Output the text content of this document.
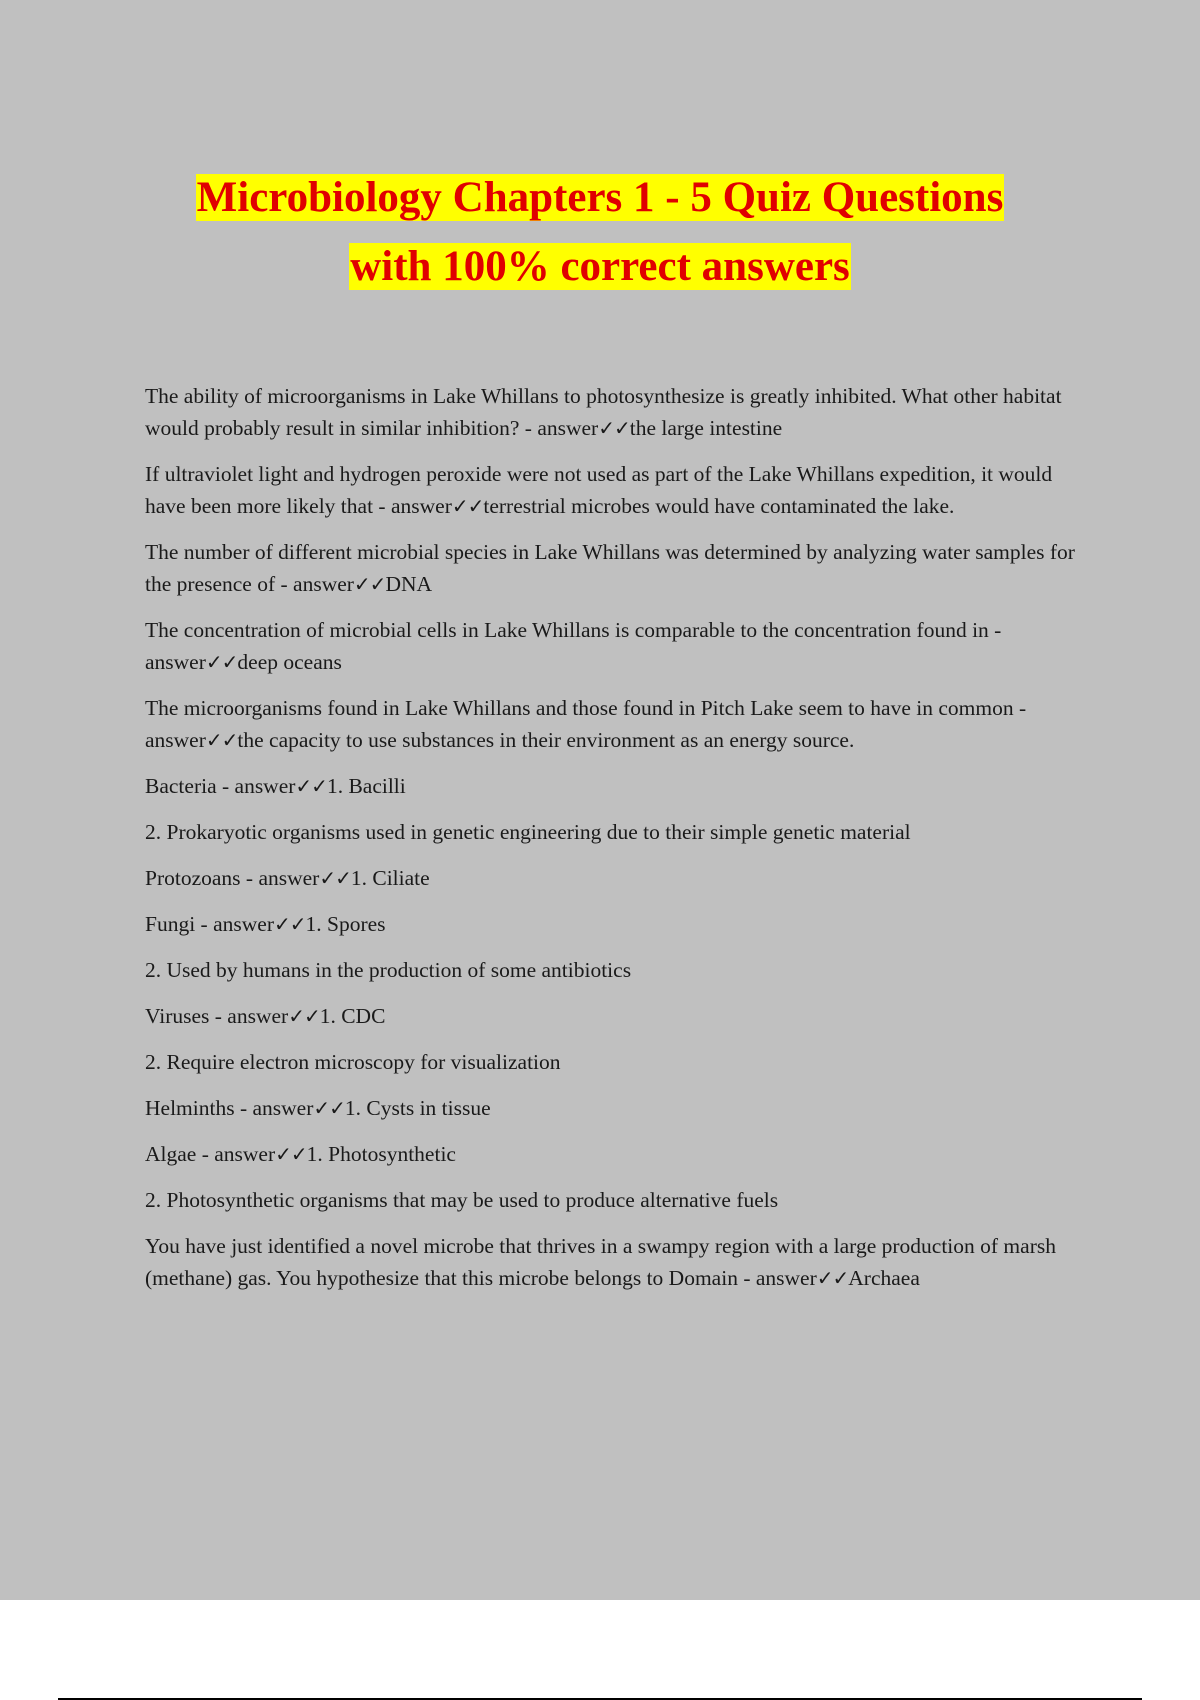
Microbiology Chapters 1 - 5 Quiz Questions
with 100% correct answers

The ability of microorganisms in Lake Whillans to photosynthesize is greatly inhibited. What other habitat would probably result in similar inhibition? - answer✓✓the large intestine

If ultraviolet light and hydrogen peroxide were not used as part of the Lake Whillans expedition, it would have been more likely that - answer✓✓terrestrial microbes would have contaminated the lake.

The number of different microbial species in Lake Whillans was determined by analyzing water samples for the presence of - answer✓✓DNA

The concentration of microbial cells in Lake Whillans is comparable to the concentration found in - answer✓✓deep oceans

The microorganisms found in Lake Whillans and those found in Pitch Lake seem to have in common - answer✓✓the capacity to use substances in their environment as an energy source.

Bacteria - answer✓✓1. Bacilli

2. Prokaryotic organisms used in genetic engineering due to their simple genetic material

Protozoans - answer✓✓1. Ciliate

Fungi - answer✓✓1. Spores

2. Used by humans in the production of some antibiotics

Viruses - answer✓✓1. CDC

2. Require electron microscopy for visualization

Helminths - answer✓✓1. Cysts in tissue

Algae - answer✓✓1. Photosynthetic

2. Photosynthetic organisms that may be used to produce alternative fuels

You have just identified a novel microbe that thrives in a swampy region with a large production of marsh (methane) gas. You hypothesize that this microbe belongs to Domain - answer✓✓Archaea
